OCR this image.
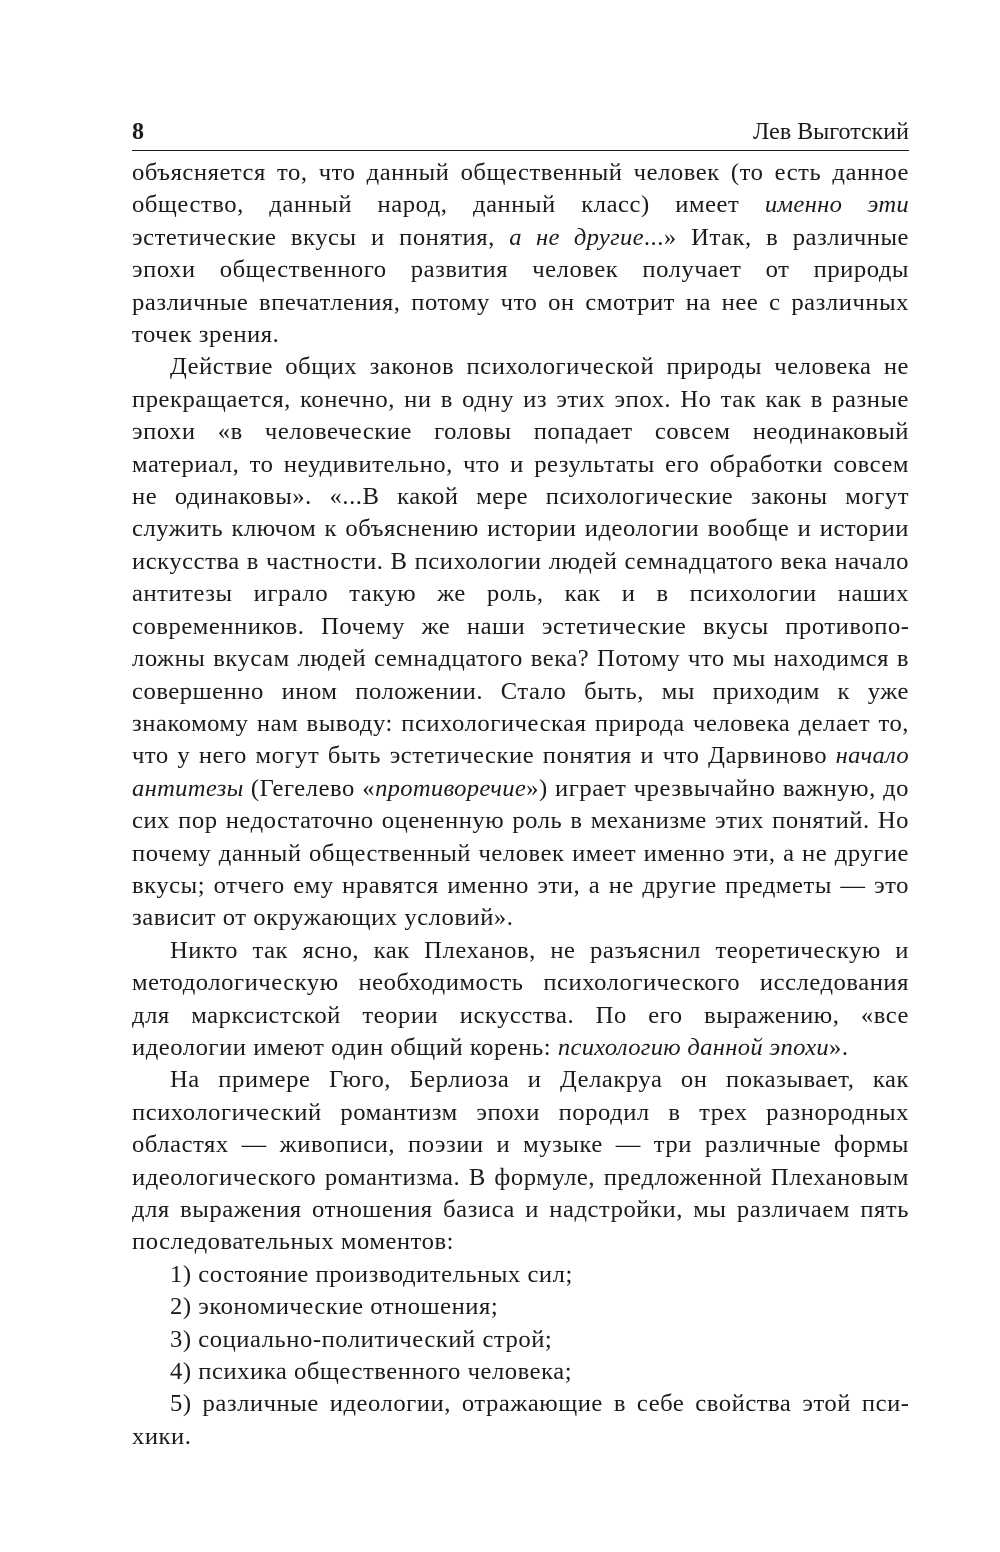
8	Лев Выготский

объясняется то, что данный общественный человек (то есть данное общество, данный народ, данный класс) имеет именно эти эстетические вкусы и понятия, а не другие...» Итак, в различные эпохи общественного развития человек получает от природы различные впечатления, потому что он смотрит на нее с различных точек зрения.

Действие общих законов психологической природы человека не прекращается, конечно, ни в одну из этих эпох. Но так как в разные эпохи «в человеческие головы попадает совсем неодинаковый материал, то неудивительно, что и результаты его обработки совсем не одинаковы». «...В какой мере психологические законы могут служить ключом к объяснению истории идеологии вообще и истории искусства в частности. В психологии людей семнадцатого века начало антитезы играло такую же роль, как и в психологии наших современников. Почему же наши эстетические вкусы противоположны вкусам людей семнадцатого века? Потому что мы находимся в совершенно ином положении. Стало быть, мы приходим к уже знакомому нам выводу: психологическая природа человека делает то, что у него могут быть эстетические понятия и что Дарвиново начало антитезы (Гегелево «противоречие») играет чрезвычайно важную, до сих пор недостаточно оцененную роль в механизме этих понятий. Но почему данный общественный человек имеет именно эти, а не другие вкусы; отчего ему нравятся именно эти, а не другие предметы — это зависит от окружающих условий».

Никто так ясно, как Плеханов, не разъяснил теоретическую и методологическую необходимость психологического исследования для марксистской теории искусства. По его выражению, «все идеологии имеют один общий корень: психологию данной эпохи».

На примере Гюго, Берлиоза и Делакруа он показывает, как психологический романтизм эпохи породил в трех разнородных областях — живописи, поэзии и музыке — три различные формы идеологического романтизма. В формуле, предложенной Плехановым для выражения отношения базиса и надстройки, мы различаем пять последовательных моментов:

1) состояние производительных сил;

2) экономические отношения;

3) социально-политический строй;

4) психика общественного человека;

5) различные идеологии, отражающие в себе свойства этой психики.
